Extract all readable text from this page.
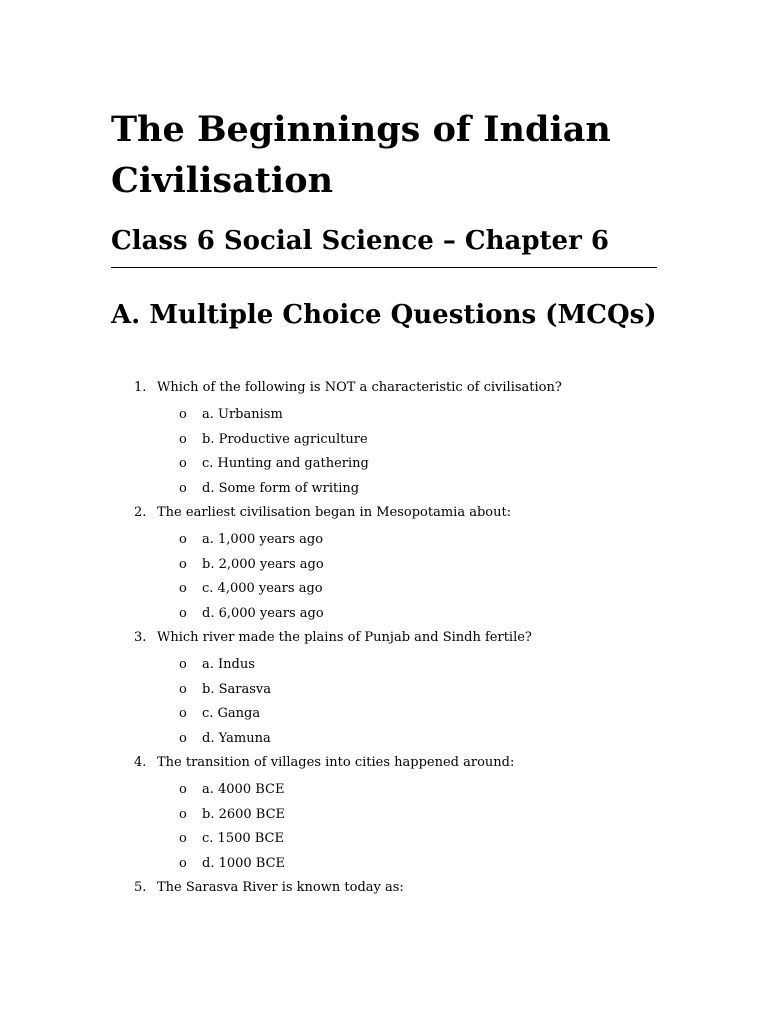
The Beginnings of Indian Civilisation
Class 6 Social Science – Chapter 6
A. Multiple Choice Questions (MCQs)
1. Which of the following is NOT a characteristic of civilisation?
o a. Urbanism
o b. Productive agriculture
o c. Hunting and gathering
o d. Some form of writing
2. The earliest civilisation began in Mesopotamia about:
o a. 1,000 years ago
o b. 2,000 years ago
o c. 4,000 years ago
o d. 6,000 years ago
3. Which river made the plains of Punjab and Sindh fertile?
o a. Indus
o b. Sarasva
o c. Ganga
o d. Yamuna
4. The transition of villages into cities happened around:
o a. 4000 BCE
o b. 2600 BCE
o c. 1500 BCE
o d. 1000 BCE
5. The Sarasva River is known today as:
